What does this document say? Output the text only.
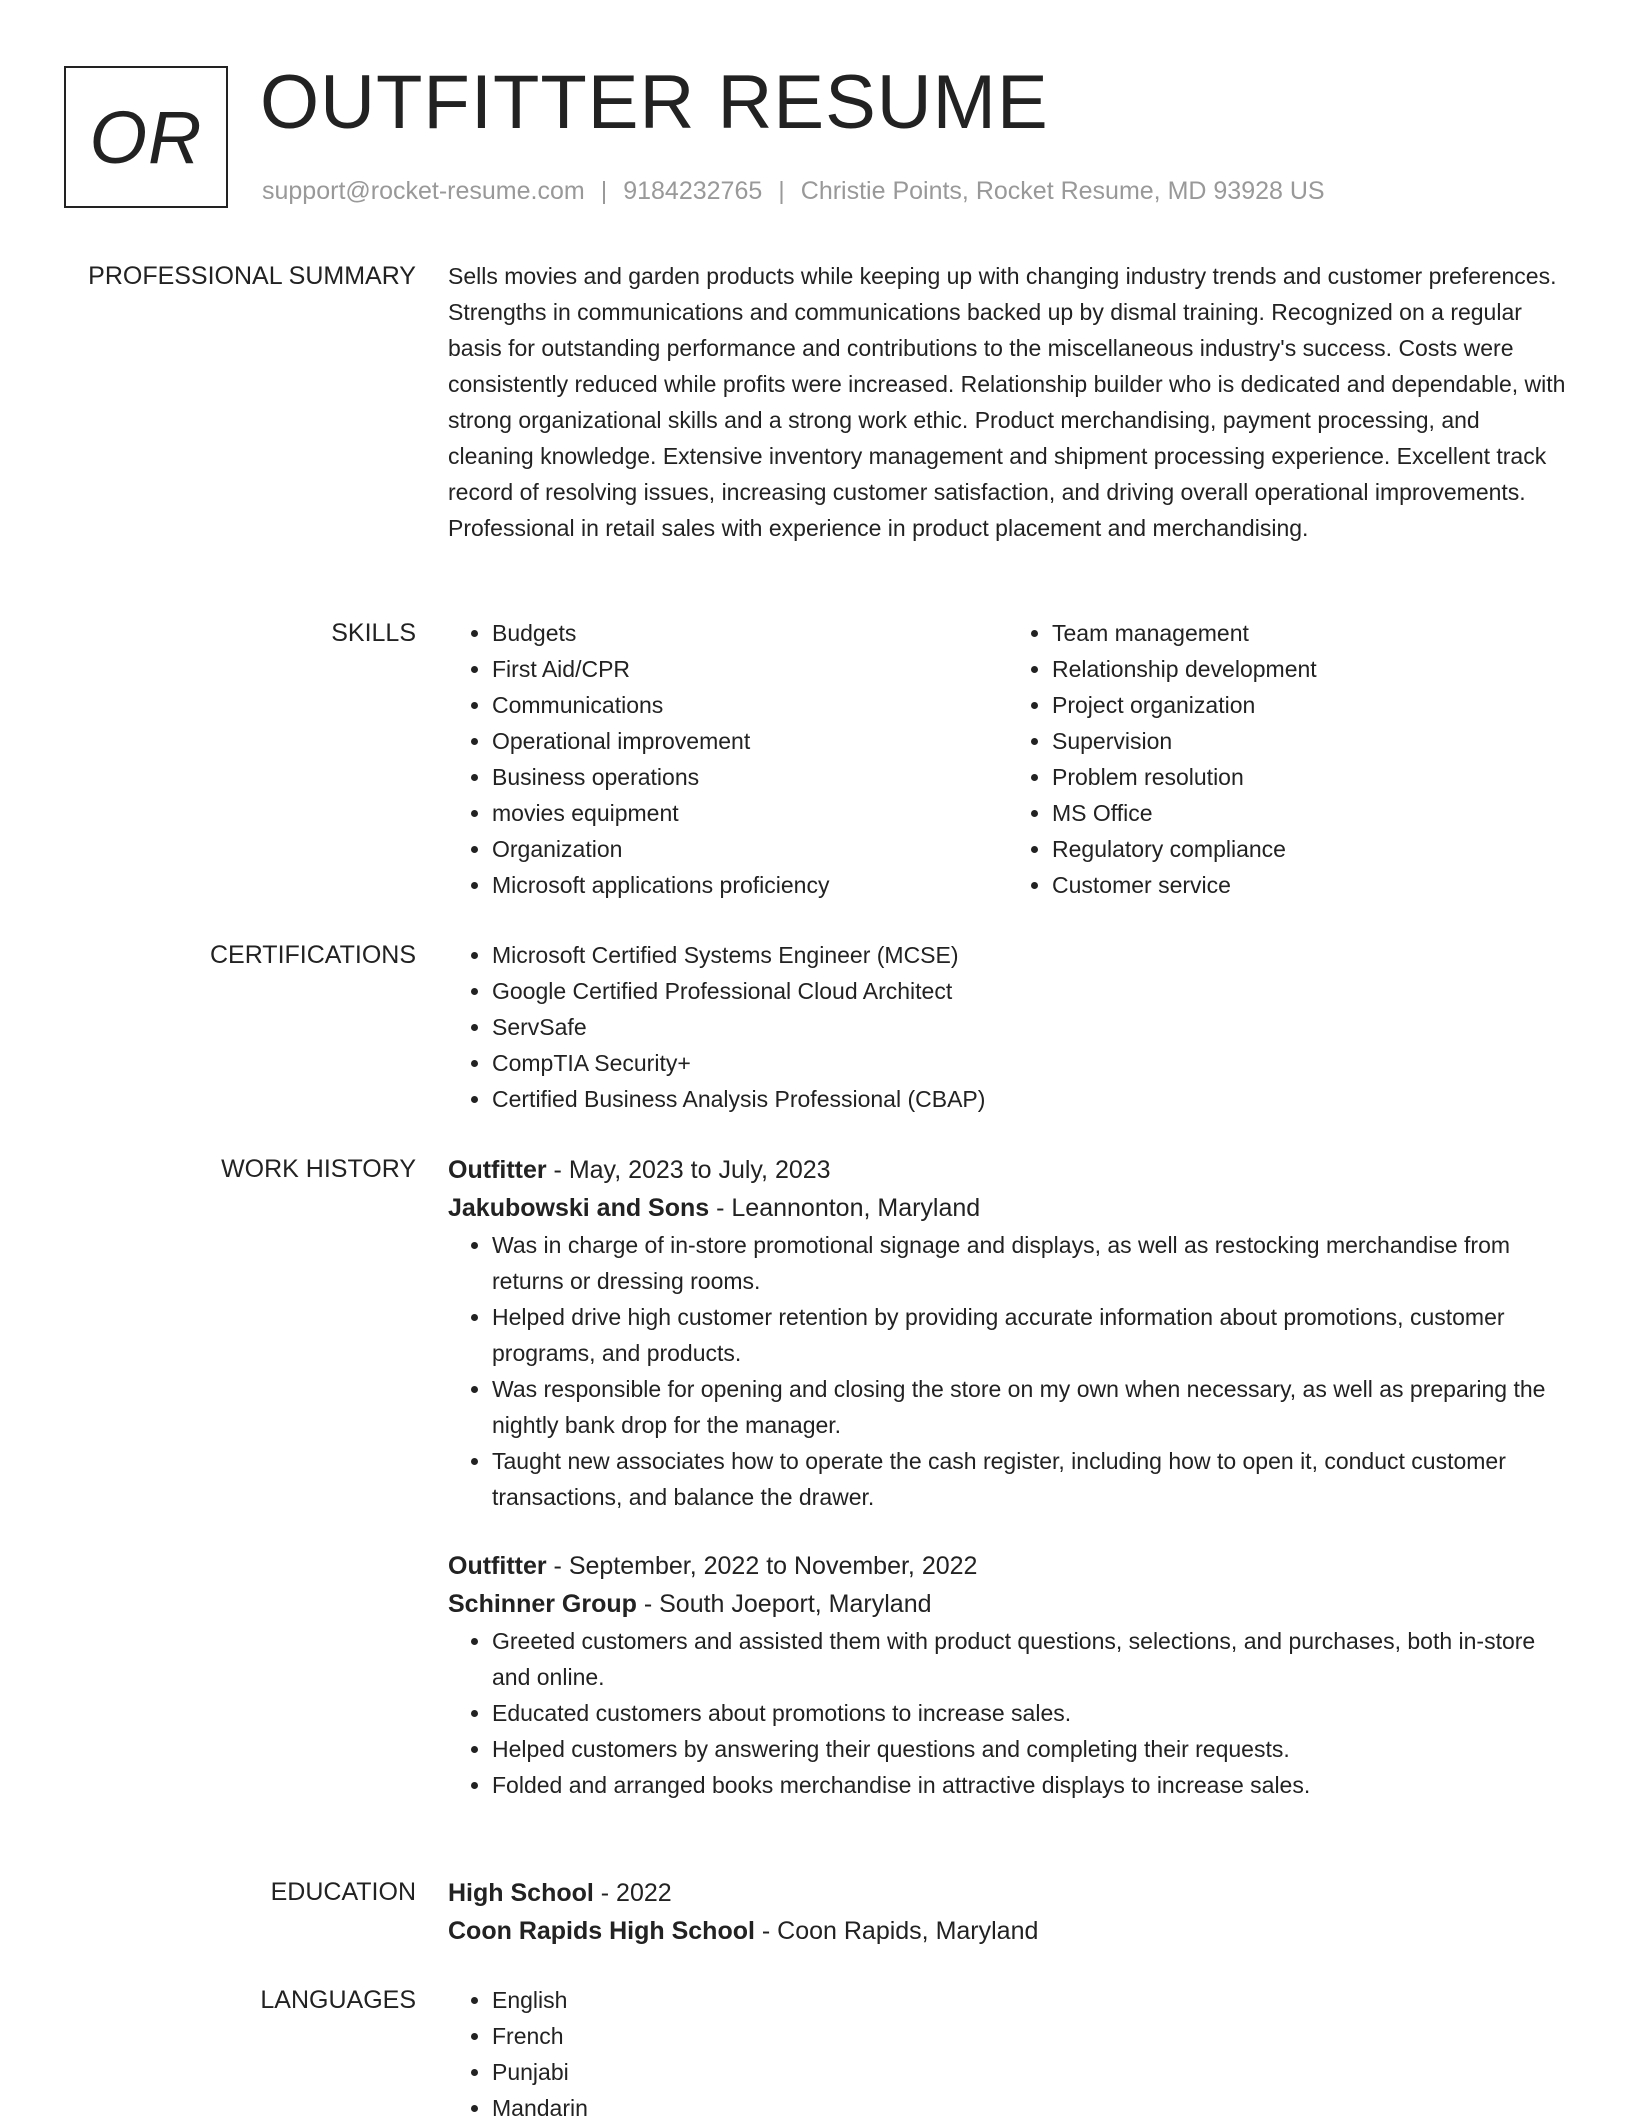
OR OUTFITTER RESUME
support@rocket-resume.com | 9184232765 | Christie Points, Rocket Resume, MD 93928 US
PROFESSIONAL SUMMARY Sells movies and garden products while keeping up with changing industry trends and customer preferences. Strengths in communications and communications backed up by dismal training. Recognized on a regular basis for outstanding performance and contributions to the miscellaneous industry's success. Costs were consistently reduced while profits were increased. Relationship builder who is dedicated and dependable, with strong organizational skills and a strong work ethic. Product merchandising, payment processing, and cleaning knowledge. Extensive inventory management and shipment processing experience. Excellent track record of resolving issues, increasing customer satisfaction, and driving overall operational improvements. Professional in retail sales with experience in product placement and merchandising.

SKILLS	• Budgets
• First Aid/CPR
• Communications
• Operational improvement
• Business operations
• movies equipment
• Organization
• Microsoft applications proficiency
• Team management
• Relationship development
• Project organization
• Supervision
• Problem resolution
• MS Office
• Regulatory compliance
• Customer service
CERTIFICATIONS	• Microsoft Certified Systems Engineer (MCSE)
• Google Certified Professional Cloud Architect
• ServSafe
• CompTIA Security+
• Certified Business Analysis Professional (CBAP)
WORK HISTORY Outfitter - May, 2023 to July, 2023
Jakubowski and Sons - Leannonton, Maryland
• Was in charge of in-store promotional signage and displays, as well as restocking merchandise from returns or dressing rooms.
• Helped drive high customer retention by providing accurate information about promotions, customer programs, and products.
• Was responsible for opening and closing the store on my own when necessary, as well as preparing the nightly bank drop for the manager.
• Taught new associates how to operate the cash register, including how to open it, conduct customer transactions, and balance the drawer.
Outfitter - September, 2022 to November, 2022
Schinner Group - South Joeport, Maryland
• Greeted customers and assisted them with product questions, selections, and purchases, both in-store and online.
• Educated customers about promotions to increase sales.
• Helped customers by answering their questions and completing their requests.
• Folded and arranged books merchandise in attractive displays to increase sales.
EDUCATION High School - 2022
Coon Rapids High School - Coon Rapids, Maryland
LANGUAGES	• English
• French
• Punjabi
• Mandarin
